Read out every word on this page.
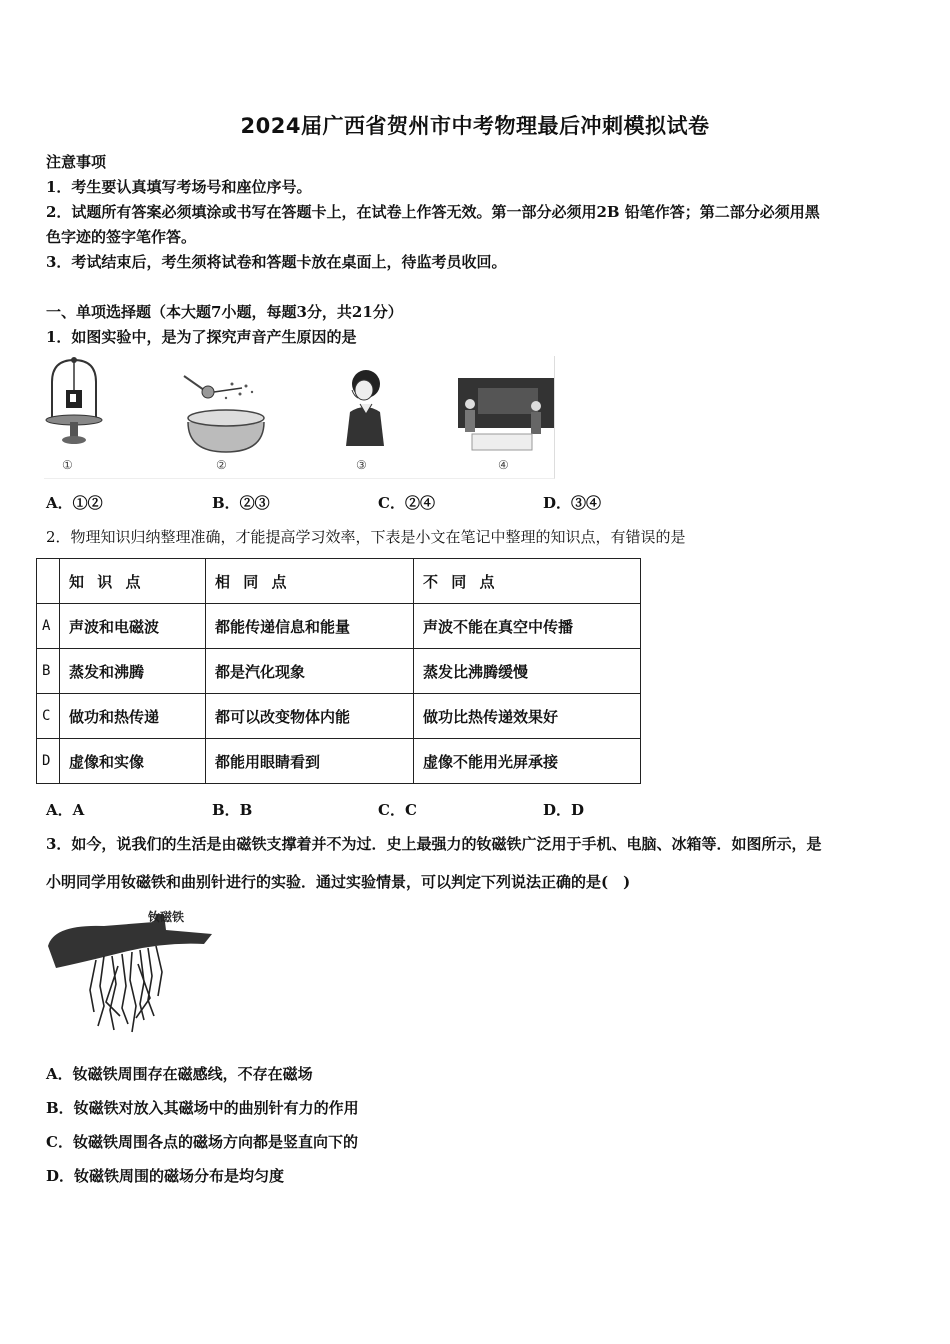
2024届广西省贺州市中考物理最后冲刺模拟试卷
注意事项
1．考生要认真填写考场号和座位序号。
2．试题所有答案必须填涂或书写在答题卡上，在试卷上作答无效。第一部分必须用2B 铅笔作答；第二部分必须用黑
色字迹的签字笔作答。
3．考试结束后，考生须将试卷和答题卡放在桌面上，待监考员收回。
一、单项选择题（本大题7小题，每题3分，共21分）
1．如图实验中，是为了探究声音产生原因的是
①	②	③	④
A．①②	B．②③	C．②④	D．③④
2．物理知识归纳整理准确，才能提高学习效率，下表是小文在笔记中整理的知识点，有错误的是
	知 识 点	相 同 点	不 同 点
A	声波和电磁波	都能传递信息和能量	声波不能在真空中传播
B	蒸发和沸腾	都是汽化现象	蒸发比沸腾缓慢
C	做功和热传递	都可以改变物体内能	做功比热传递效果好
D	虚像和实像	都能用眼睛看到	虚像不能用光屏承接
A．A	B．B	C．C	D．D
3．如今，说我们的生活是由磁铁支撑着并不为过．史上最强力的钕磁铁广泛用于手机、电脑、冰箱等．如图所示，是
小明同学用钕磁铁和曲别针进行的实验．通过实验情景，可以判定下列说法正确的是(　)
钕磁铁
A．钕磁铁周围存在磁感线，不存在磁场
B．钕磁铁对放入其磁场中的曲别针有力的作用
C．钕磁铁周围各点的磁场方向都是竖直向下的
D．钕磁铁周围的磁场分布是均匀度
